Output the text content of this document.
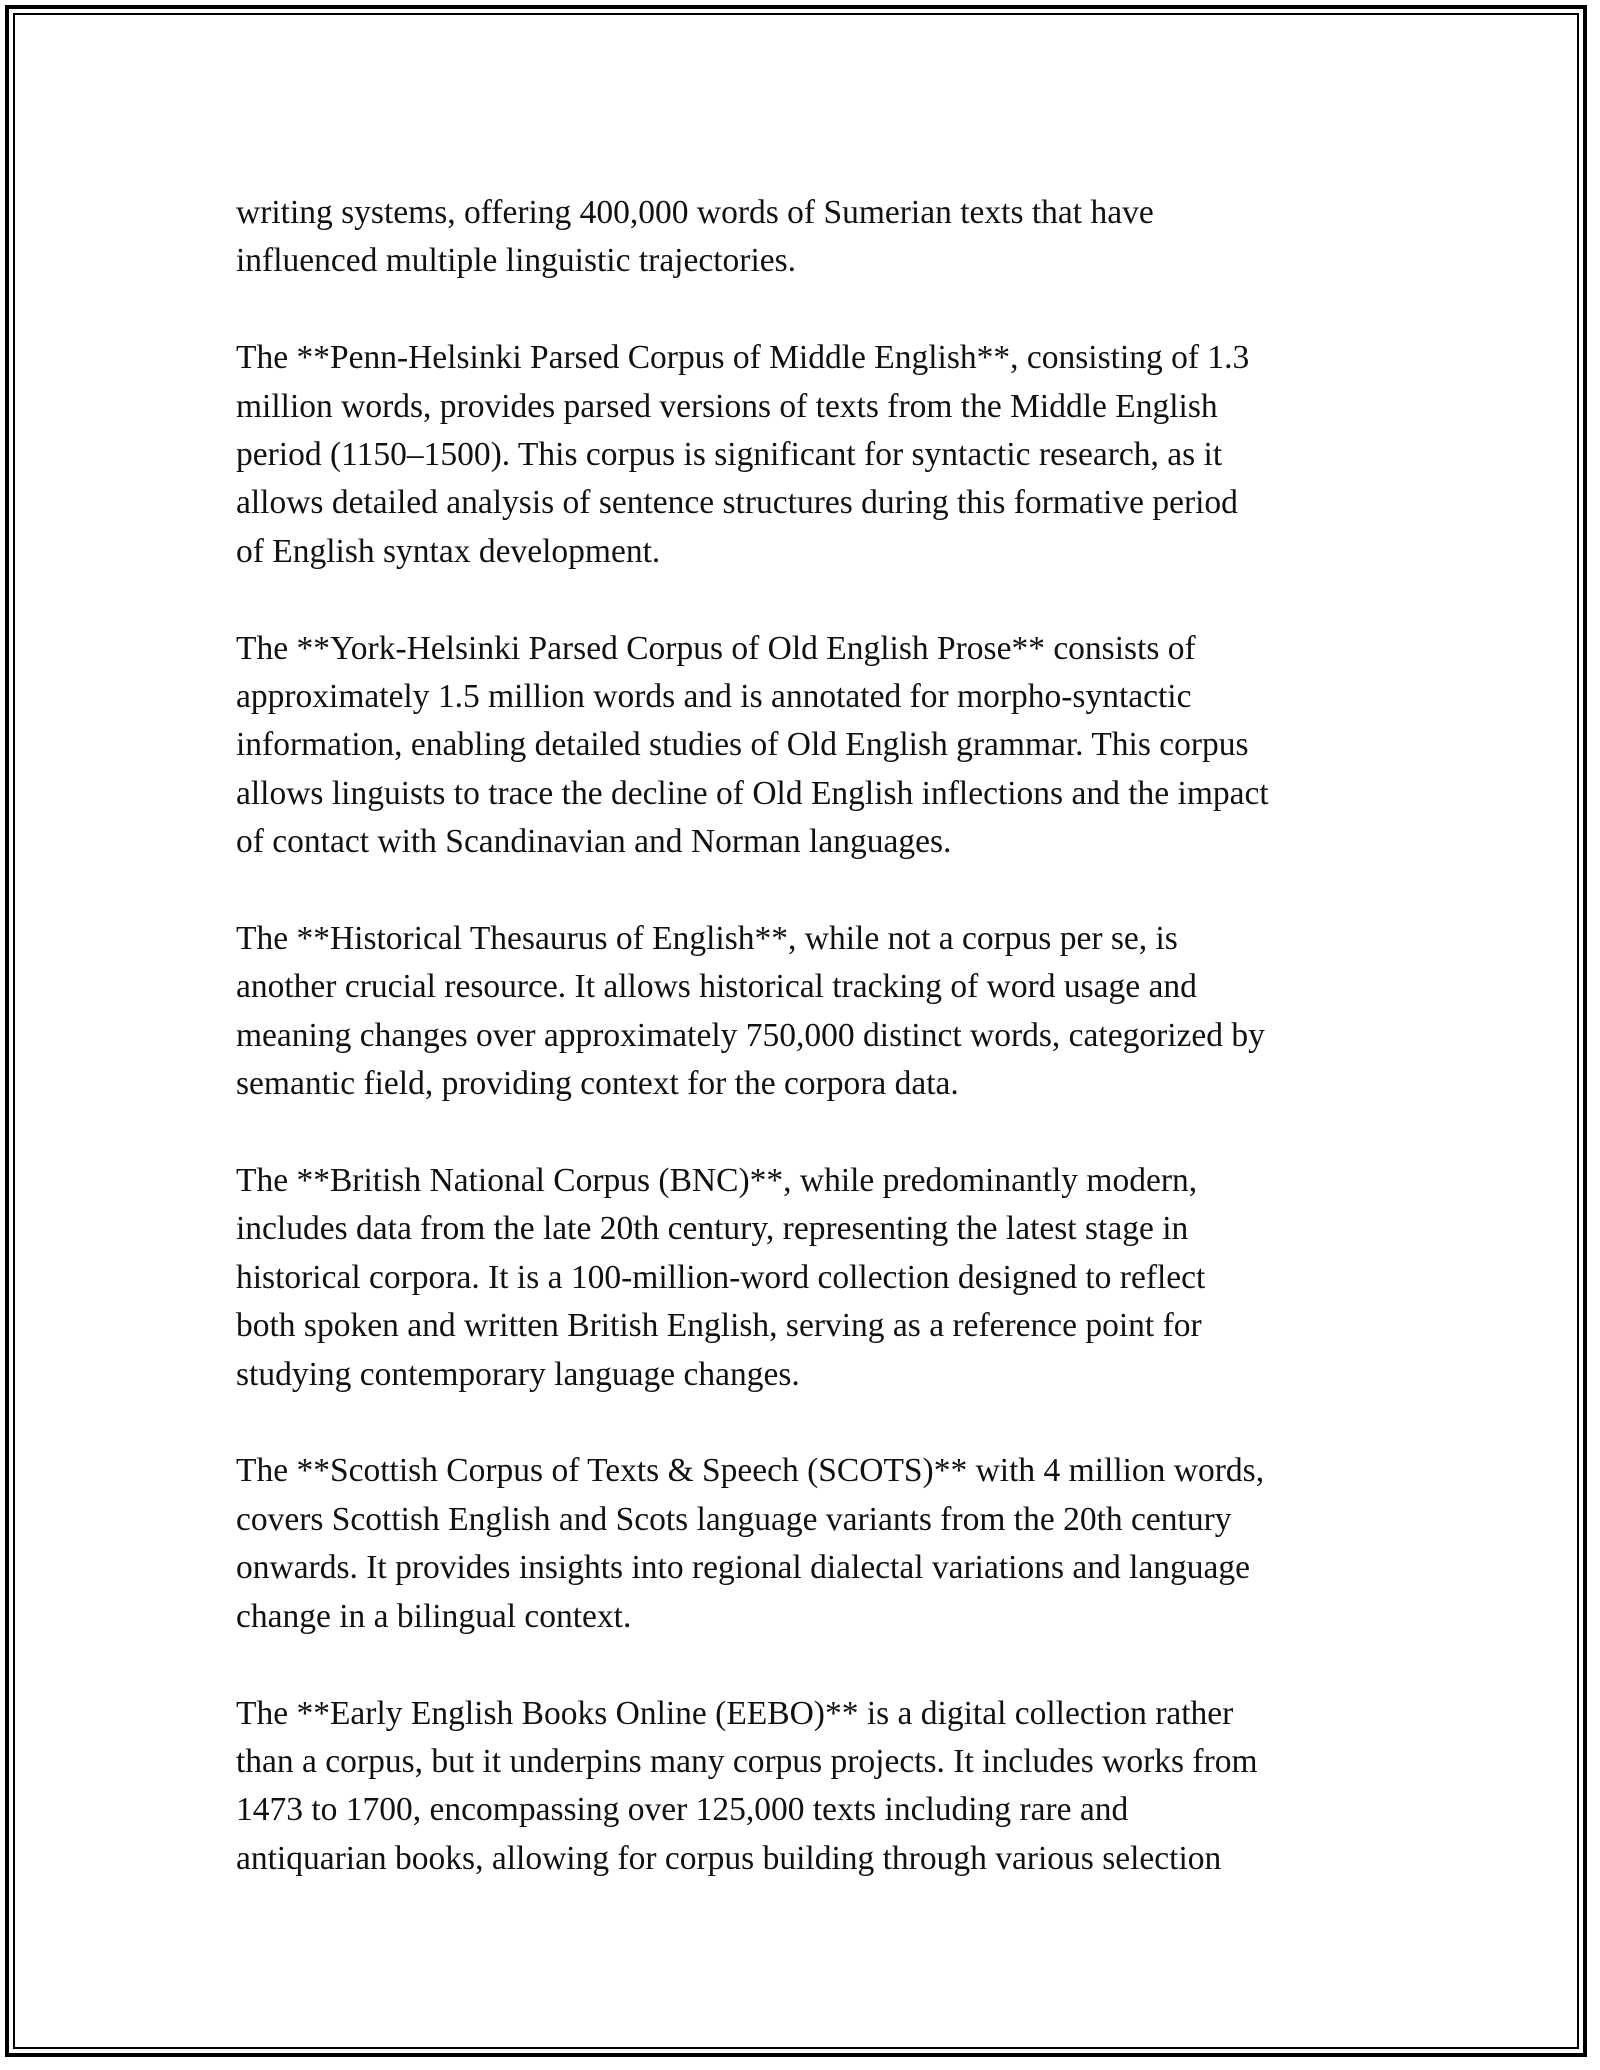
writing systems, offering 400,000 words of Sumerian texts that have
influenced multiple linguistic trajectories.

The **Penn-Helsinki Parsed Corpus of Middle English**, consisting of 1.3
million words, provides parsed versions of texts from the Middle English
period (1150–1500). This corpus is significant for syntactic research, as it
allows detailed analysis of sentence structures during this formative period
of English syntax development.

The **York-Helsinki Parsed Corpus of Old English Prose** consists of
approximately 1.5 million words and is annotated for morpho-syntactic
information, enabling detailed studies of Old English grammar. This corpus
allows linguists to trace the decline of Old English inflections and the impact
of contact with Scandinavian and Norman languages.

The **Historical Thesaurus of English**, while not a corpus per se, is
another crucial resource. It allows historical tracking of word usage and
meaning changes over approximately 750,000 distinct words, categorized by
semantic field, providing context for the corpora data.

The **British National Corpus (BNC)**, while predominantly modern,
includes data from the late 20th century, representing the latest stage in
historical corpora. It is a 100-million-word collection designed to reflect
both spoken and written British English, serving as a reference point for
studying contemporary language changes.

The **Scottish Corpus of Texts & Speech (SCOTS)** with 4 million words,
covers Scottish English and Scots language variants from the 20th century
onwards. It provides insights into regional dialectal variations and language
change in a bilingual context.

The **Early English Books Online (EEBO)** is a digital collection rather
than a corpus, but it underpins many corpus projects. It includes works from
1473 to 1700, encompassing over 125,000 texts including rare and
antiquarian books, allowing for corpus building through various selection
